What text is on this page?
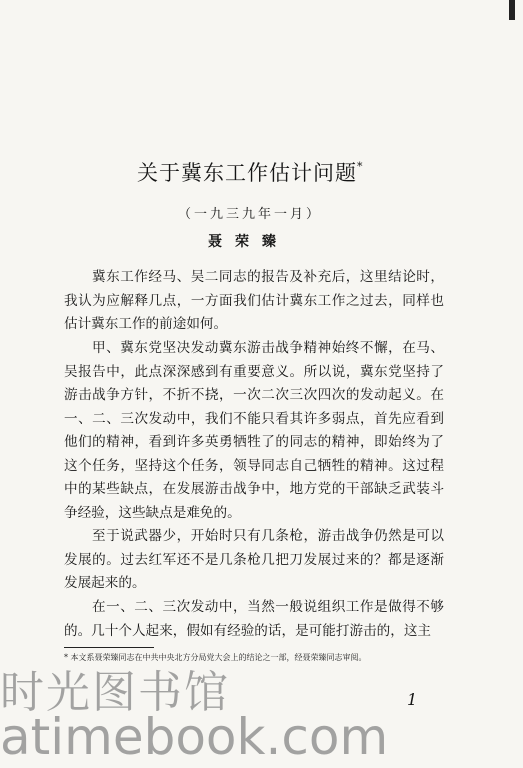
关于冀东工作估计问题*
（一九三九年一月）
聂荣臻

冀东工作经马、吴二同志的报告及补充后，这里结论时，我认为应解释几点，一方面我们估计冀东工作之过去，同样也估计冀东工作的前途如何。

甲、冀东党坚决发动冀东游击战争精神始终不懈，在马、吴报告中，此点深深感到有重要意义。所以说，冀东党坚持了游击战争方针，不折不挠，一次二次三次四次的发动起义。在一、二、三次发动中，我们不能只看其许多弱点，首先应看到他们的精神，看到许多英勇牺牲了的同志的精神，即始终为了这个任务，坚持这个任务，领导同志自己牺牲的精神。这过程中的某些缺点，在发展游击战争中，地方党的干部缺乏武装斗争经验，这些缺点是难免的。

至于说武器少，开始时只有几条枪，游击战争仍然是可以发展的。过去红军还不是几条枪几把刀发展过来的？都是逐渐发展起来的。

在一、二、三次发动中，当然一般说组织工作是做得不够的。几十个人起来，假如有经验的话，是可能打游击的，这主

* 本文系聂荣臻同志在中共中央北方分局党大会上的结论之一部，经聂荣臻同志审阅。

1
时光图书馆
atimebook.com
